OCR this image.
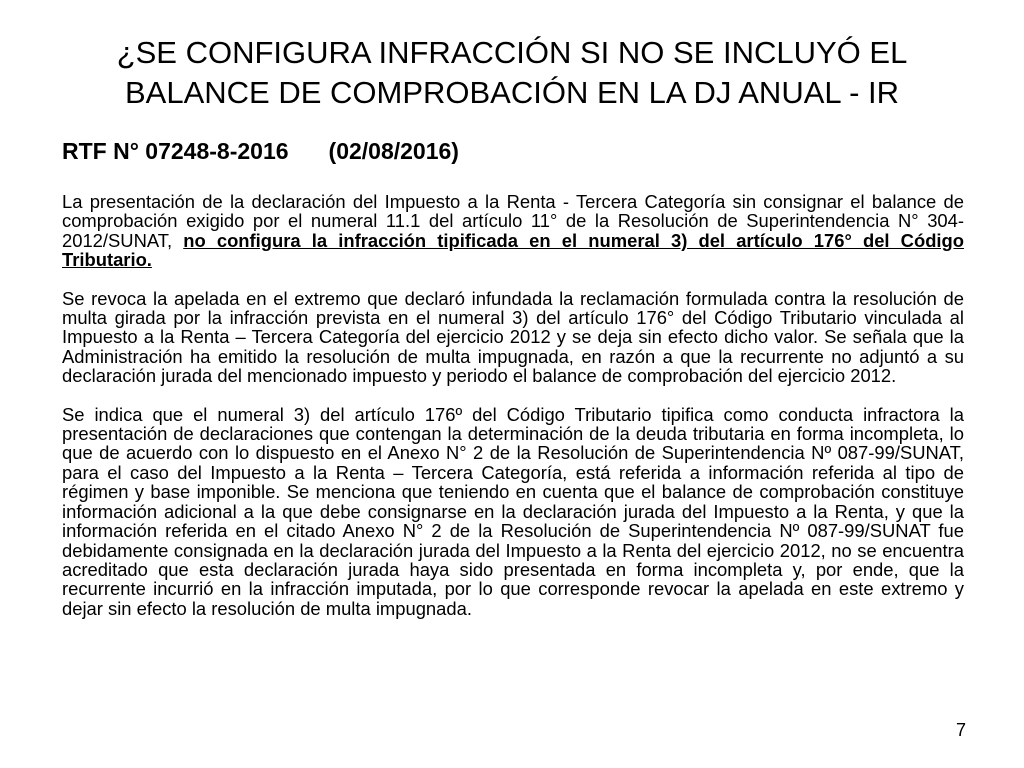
¿SE CONFIGURA INFRACCIÓN SI NO SE INCLUYÓ EL
BALANCE DE COMPROBACIÓN EN LA DJ ANUAL - IR
RTF N° 07248-8-2016 (02/08/2016)

La presentación de la declaración del Impuesto a la Renta - Tercera Categoría sin consignar el balance de comprobación exigido por el numeral 11.1 del artículo 11° de la Resolución de Superintendencia N° 304-2012/SUNAT, no configura la infracción tipificada en el numeral 3) del artículo 176° del Código Tributario.

Se revoca la apelada en el extremo que declaró infundada la reclamación formulada contra la resolución de multa girada por la infracción prevista en el numeral 3) del artículo 176° del Código Tributario vinculada al Impuesto a la Renta – Tercera Categoría del ejercicio 2012 y se deja sin efecto dicho valor. Se señala que la Administración ha emitido la resolución de multa impugnada, en razón a que la recurrente no adjuntó a su declaración jurada del mencionado impuesto y periodo el balance de comprobación del ejercicio 2012.

Se indica que el numeral 3) del artículo 176º del Código Tributario tipifica como conducta infractora la presentación de declaraciones que contengan la determinación de la deuda tributaria en forma incompleta, lo que de acuerdo con lo dispuesto en el Anexo N° 2 de la Resolución de Superintendencia Nº 087-99/SUNAT, para el caso del Impuesto a la Renta – Tercera Categoría, está referida a información referida al tipo de régimen y base imponible. Se menciona que teniendo en cuenta que el balance de comprobación constituye información adicional a la que debe consignarse en la declaración jurada del Impuesto a la Renta, y que la información referida en el citado Anexo N° 2 de la Resolución de Superintendencia Nº 087-99/SUNAT fue debidamente consignada en la declaración jurada del Impuesto a la Renta del ejercicio 2012, no se encuentra acreditado que esta declaración jurada haya sido presentada en forma incompleta y, por ende, que la recurrente incurrió en la infracción imputada, por lo que corresponde revocar la apelada en este extremo y dejar sin efecto la resolución de multa impugnada.

7
